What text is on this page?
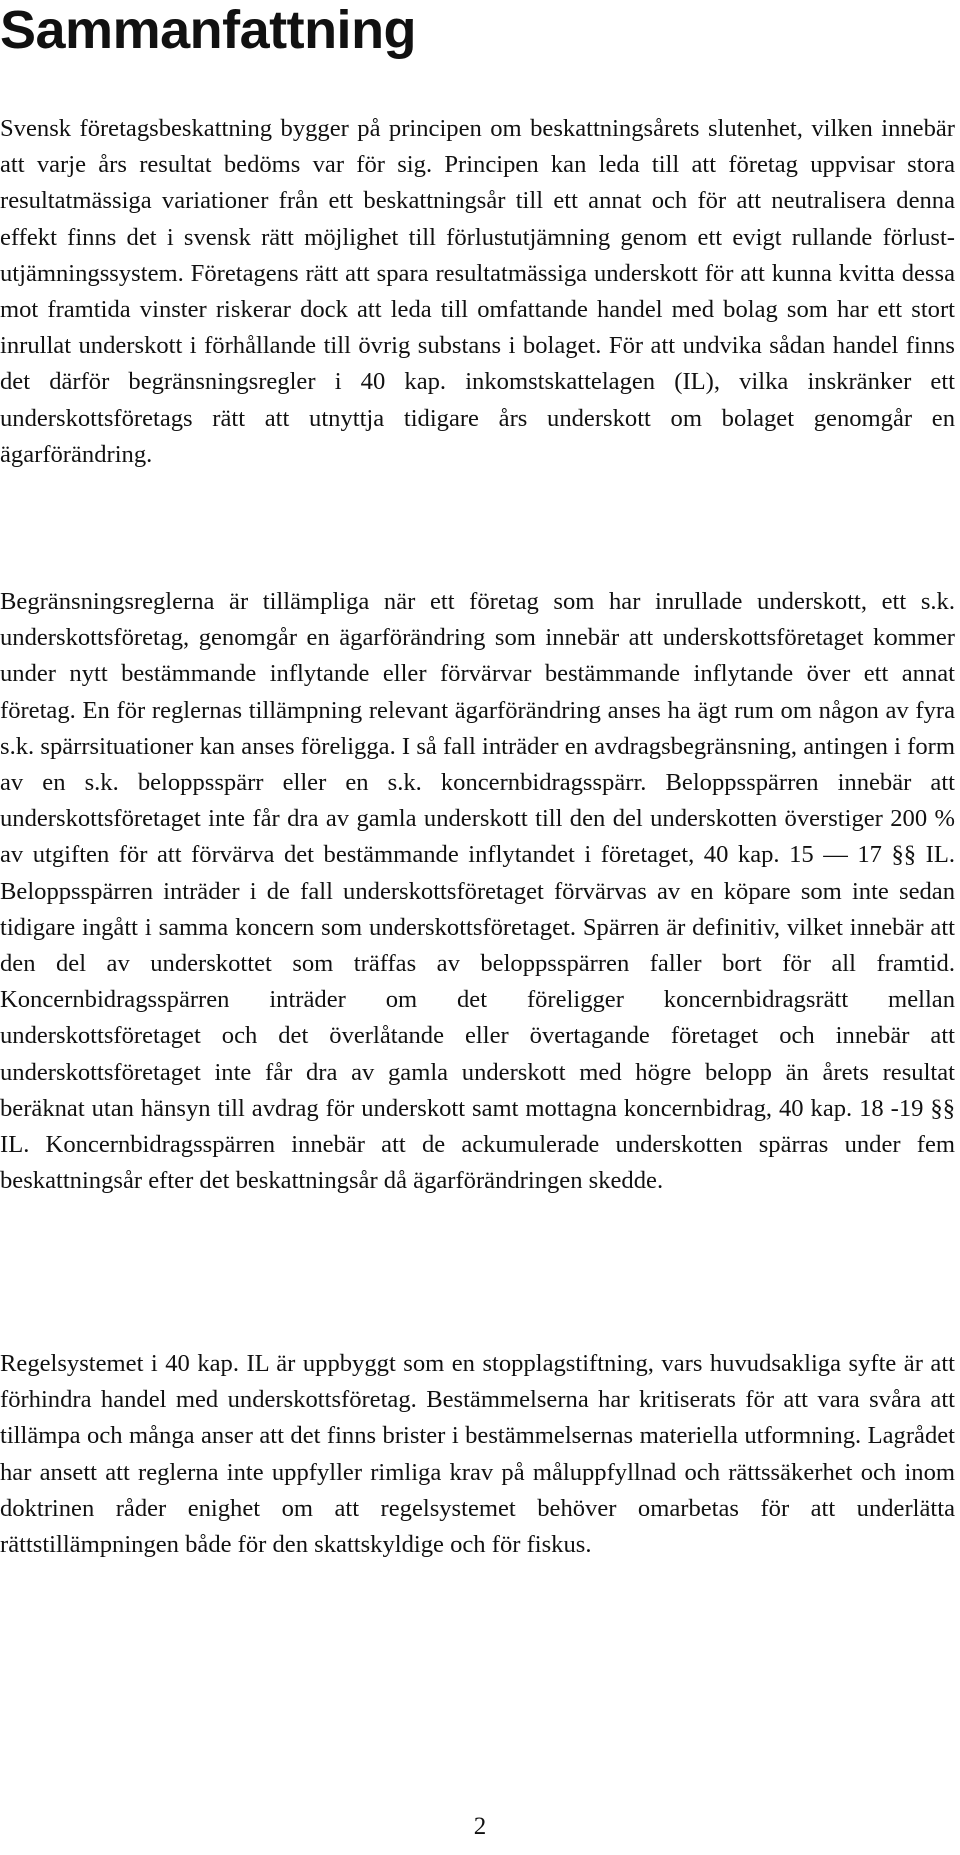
Sammanfattning

Svensk företagsbeskattning bygger på principen om beskattningsårets slutenhet, vilken innebär att varje års resultat bedöms var för sig. Principen kan leda till att företag uppvisar stora resultatmässiga variationer från ett beskattningsår till ett annat och för att neutralisera denna effekt finns det i svensk rätt möjlighet till förlustutjämning genom ett evigt rullande förlustutjämningssystem. Företagens rätt att spara resultatmässiga underskott för att kunna kvitta dessa mot framtida vinster riskerar dock att leda till omfattande handel med bolag som har ett stort inrullat underskott i förhållande till övrig substans i bolaget. För att undvika sådan handel finns det därför begränsningsregler i 40 kap. inkomstskattelagen (IL), vilka inskränker ett underskottsföretags rätt att utnyttja tidigare års underskott om bolaget genomgår en ägarförändring.

Begränsningsreglerna är tillämpliga när ett företag som har inrullade underskott, ett s.k. underskottsföretag, genomgår en ägarförändring som innebär att underskottsföretaget kommer under nytt bestämmande inflytande eller förvärvar bestämmande inflytande över ett annat företag. En för reglernas tillämpning relevant ägarförändring anses ha ägt rum om någon av fyra s.k. spärrsituationer kan anses föreligga. I så fall inträder en avdragsbegränsning, antingen i form av en s.k. beloppsspärr eller en s.k. koncernbidragsspärr. Beloppsspärren innebär att underskottsföretaget inte får dra av gamla underskott till den del underskotten överstiger 200 % av utgiften för att förvärva det bestämmande inflytandet i företaget, 40 kap. 15 — 17 §§ IL. Beloppsspärren inträder i de fall underskottsföretaget förvärvas av en köpare som inte sedan tidigare ingått i samma koncern som underskottsföretaget. Spärren är definitiv, vilket innebär att den del av underskottet som träffas av beloppsspärren faller bort för all framtid. Koncernbidragsspärren inträder om det föreligger koncernbidragsrätt mellan underskottsföretaget och det överlåtande eller övertagande företaget och innebär att underskottsföretaget inte får dra av gamla underskott med högre belopp än årets resultat beräknat utan hänsyn till avdrag för underskott samt mottagna koncernbidrag, 40 kap. 18 -19 §§ IL. Koncernbidragsspärren innebär att de ackumulerade underskotten spärras under fem beskattningsår efter det beskattningsår då ägarförändringen skedde.

Regelsystemet i 40 kap. IL är uppbyggt som en stopplagstiftning, vars huvudsakliga syfte är att förhindra handel med underskottsföretag. Bestämmelserna har kritiserats för att vara svåra att tillämpa och många anser att det finns brister i bestämmelsernas materiella utformning. Lagrådet har ansett att reglerna inte uppfyller rimliga krav på måluppfyllnad och rättssäkerhet och inom doktrinen råder enighet om att regelsystemet behöver omarbetas för att underlätta rättstillämpningen både för den skattskyldige och för fiskus.

2
